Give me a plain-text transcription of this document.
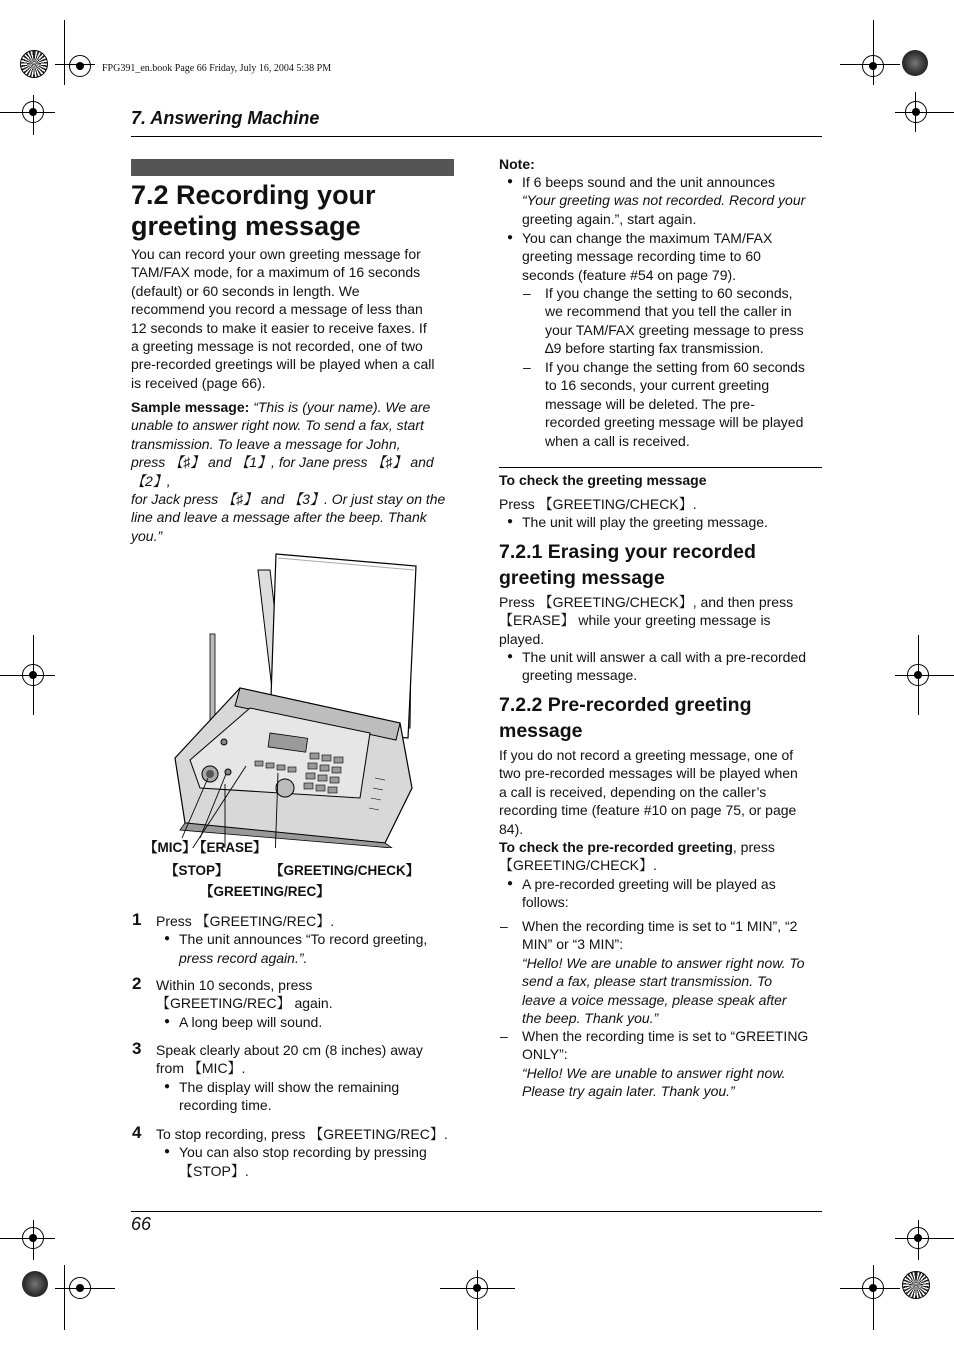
FPG391_en.book Page 66 Friday, July 16, 2004 5:38 PM
7. Answering Machine
7.2 Recording your
greeting message
You can record your own greeting message for
TAM/FAX mode, for a maximum of 16 seconds
(default) or 60 seconds in length. We
recommend you record a message of less than
12 seconds to make it easier to receive faxes. If
a greeting message is not recorded, one of two
pre-recorded greetings will be played when a call
is received (page 66).
Sample message: “This is (your name). We are
unable to answer right now. To send a fax, start
transmission. To leave a message for John,
press 【♯】 and 【1】, for Jane press 【♯】 and 【2】,
for Jack press 【♯】 and 【3】. Or just stay on the
line and leave a message after the beep. Thank
you.”
【MIC】
【ERASE】
【STOP】	【GREETING/CHECK】
【GREETING/REC】
1 Press 【GREETING/REC】.
● The unit announces “To record greeting,
press record again.”.
2 Within 10 seconds, press
【GREETING/REC】 again.
● A long beep will sound.
3 Speak clearly about 20 cm (8 inches) away
from 【MIC】.
● The display will show the remaining
recording time.
4 To stop recording, press 【GREETING/REC】.
● You can also stop recording by pressing
【STOP】.
Note:
● If 6 beeps sound and the unit announces
“Your greeting was not recorded. Record your
greeting again.”, start again.
● You can change the maximum TAM/FAX
greeting message recording time to 60
seconds (feature #54 on page 79).
– If you change the setting to 60 seconds,
we recommend that you tell the caller in
your TAM/FAX greeting message to press
∆9 before starting fax transmission.
– If you change the setting from 60 seconds
to 16 seconds, your current greeting
message will be deleted. The pre-
recorded greeting message will be played
when a call is received.
To check the greeting message
Press 【GREETING/CHECK】.
● The unit will play the greeting message.
7.2.1 Erasing your recorded
greeting message
Press 【GREETING/CHECK】, and then press
【ERASE】 while your greeting message is
played.
● The unit will answer a call with a pre-recorded
greeting message.
7.2.2 Pre-recorded greeting
message
If you do not record a greeting message, one of
two pre-recorded messages will be played when
a call is received, depending on the caller’s
recording time (feature #10 on page 75, or page
84).
To check the pre-recorded greeting, press
【GREETING/CHECK】.
● A pre-recorded greeting will be played as
follows:
– When the recording time is set to “1 MIN”, “2
MIN” or “3 MIN”:
“Hello! We are unable to answer right now. To
send a fax, please start transmission. To
leave a voice message, please speak after
the beep. Thank you.”
– When the recording time is set to “GREETING
ONLY”:
“Hello! We are unable to answer right now.
Please try again later. Thank you.”
66
